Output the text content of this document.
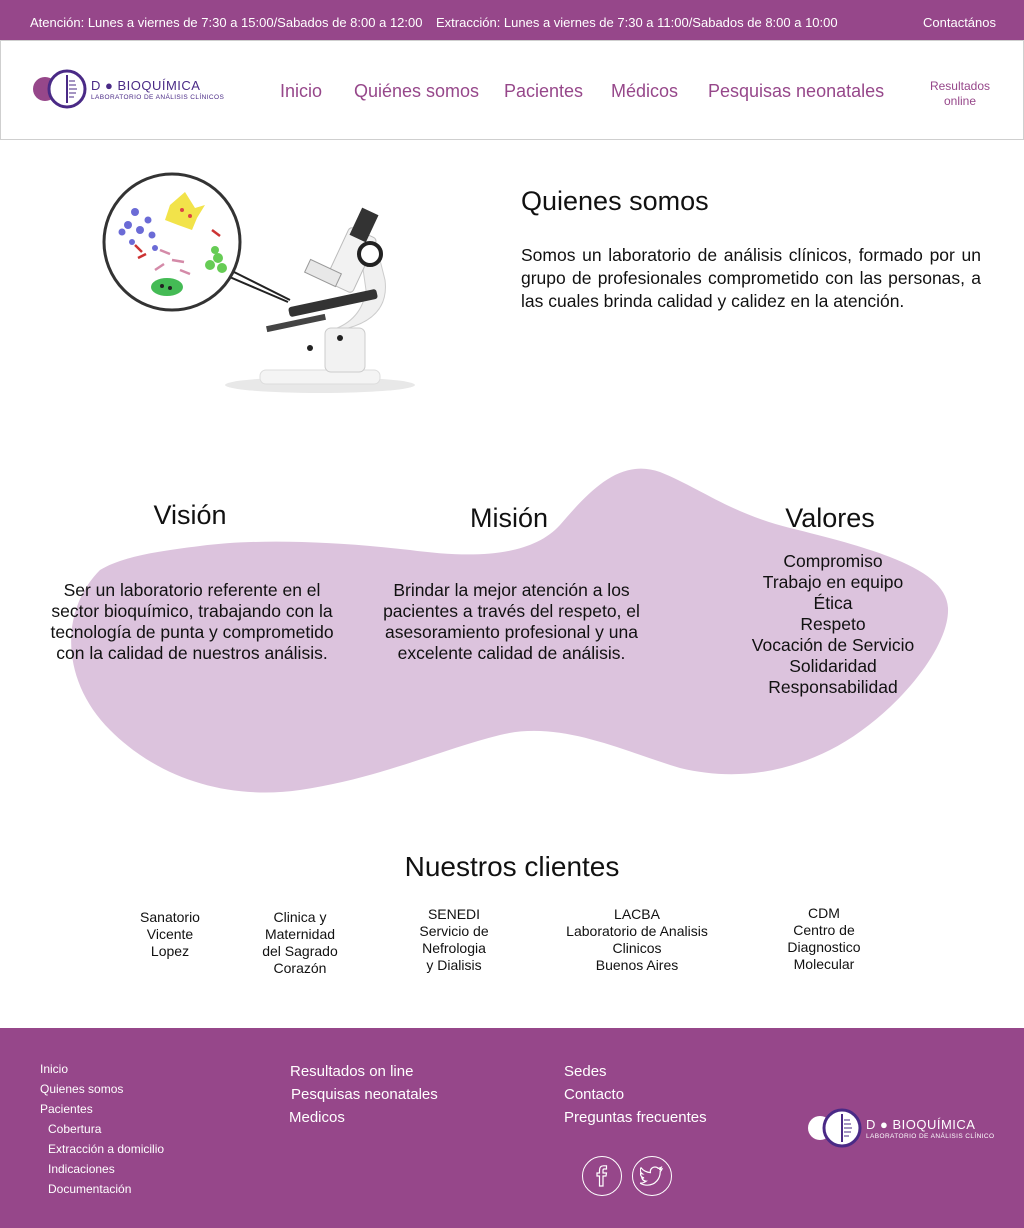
Atención: Lunes a viernes de 7:30 a 15:00/Sabados de 8:00 a 12:00 Extracción: Lunes a viernes de 7:30 a 11:00/Sabados de 8:00 a 10:00	Contactános
D ● BIOQUÍMICA
LABORATORIO DE ANÁLISIS CLÍNICOS	Inicio Quiénes somos Pacientes Médicos Pesquisas neonatales	Resultados online
Quienes somos

Somos un laboratorio de análisis clínicos, formado por un grupo de profesionales comprometido con las personas, a las cuales brinda calidad y calidez en la atención.

Visión

Ser un laboratorio referente en el sector bioquímico, trabajando con la tecnología de punta y comprometido con la calidad de nuestros análisis.

Misión

Brindar la mejor atención a los pacientes a través del respeto, el asesoramiento profesional y una excelente calidad de análisis.

Valores
Compromiso
Trabajo en equipo
Ética
Respeto
Vocación de Servicio
Solidaridad
Responsabilidad
Nuestros clientes
Sanatorio
Vicente
Lopez
Clinica y
Maternidad
del Sagrado
Corazón
SENEDI
Servicio de
Nefrologia
y Dialisis
LACBA
Laboratorio de Analisis
Clinicos
Buenos Aires
CDM
Centro de
Diagnostico
Molecular
Inicio
Quienes somos
Pacientes
Cobertura
Extracción a domicilio
Indicaciones
Documentación
Resultados on line
Pesquisas neonatales
Medicos
Sedes
Contacto
Preguntas frecuentes	D ● BIOQUÍMICA
LABORATORIO DE ANÁLISIS CLÍNICO
